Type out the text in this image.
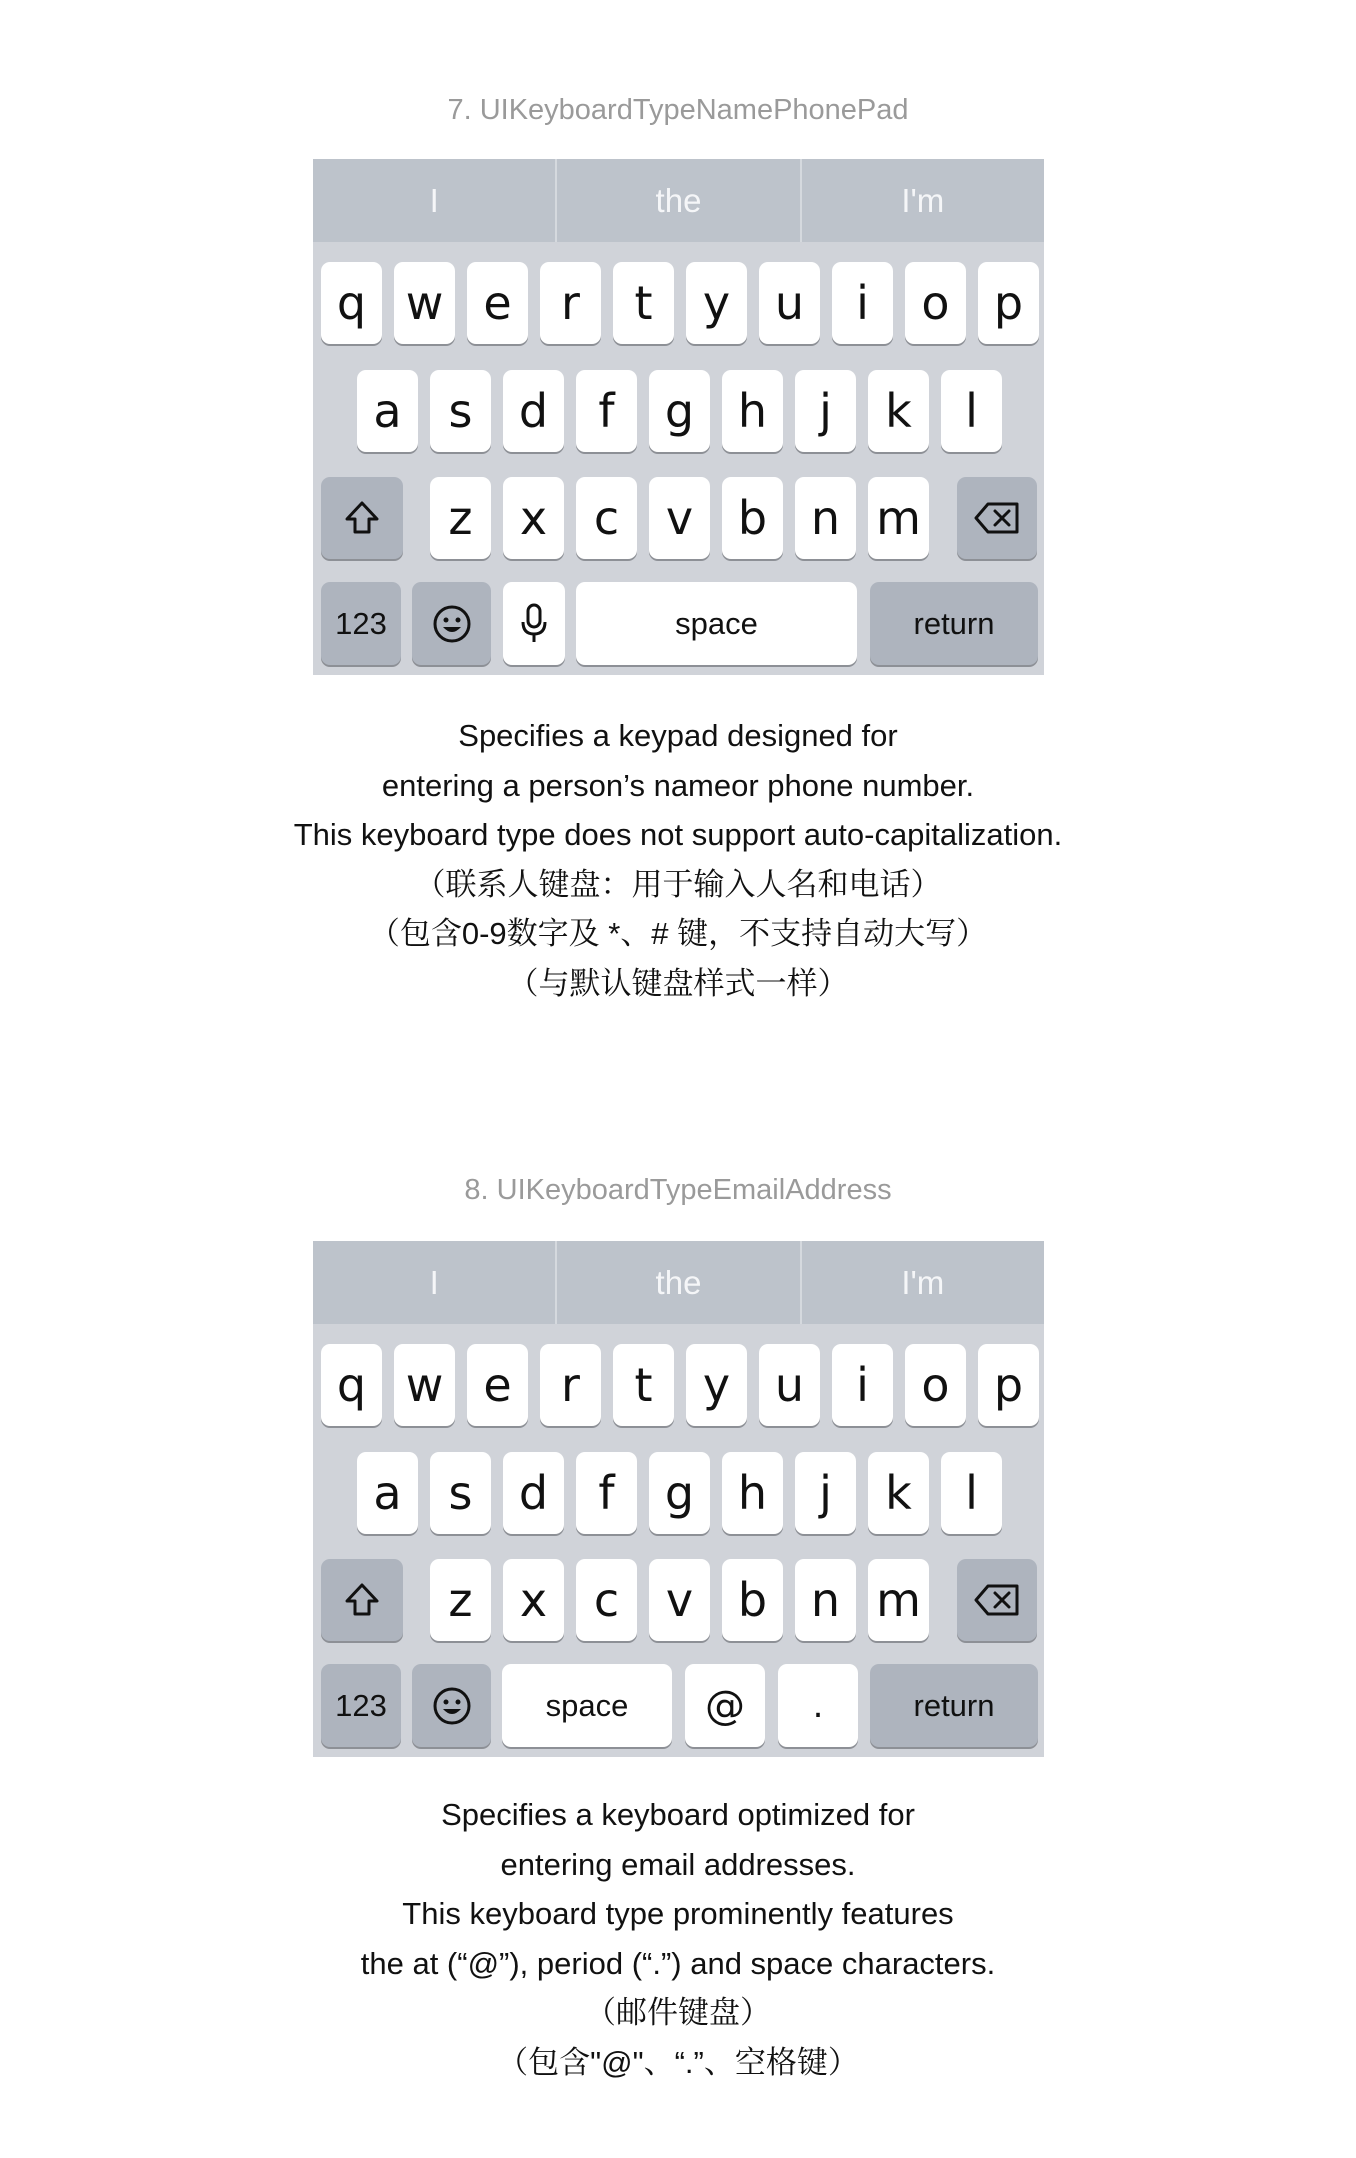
7. UIKeyboardTypeNamePhonePad
I	the	I'm
q w e	r	t	y u	i	o p
a	s	d	f	g h	j	k	l
z	x	c	v b n m
123	space	return
Specifies a keypad designed for
entering a person’s nameor phone number.
This keyboard type does not support auto-capitalization.
（联系人键盘：用于输入人名和电话）
（包含0-9数字及 *、# 键，不支持自动大写）
（与默认键盘样式一样）
8. UIKeyboardTypeEmailAddress
I	the	I'm
q w e	r	t	y u	i	o p
a	s	d	f	g h	j	k	l
z	x	c	v b n m
123	space	@	.	return
Specifies a keyboard optimized for
entering email addresses.
This keyboard type prominently features
the at (“@”), period (“.”) and space characters.
（邮件键盘）
（包含"@"、“.”、空格键）
